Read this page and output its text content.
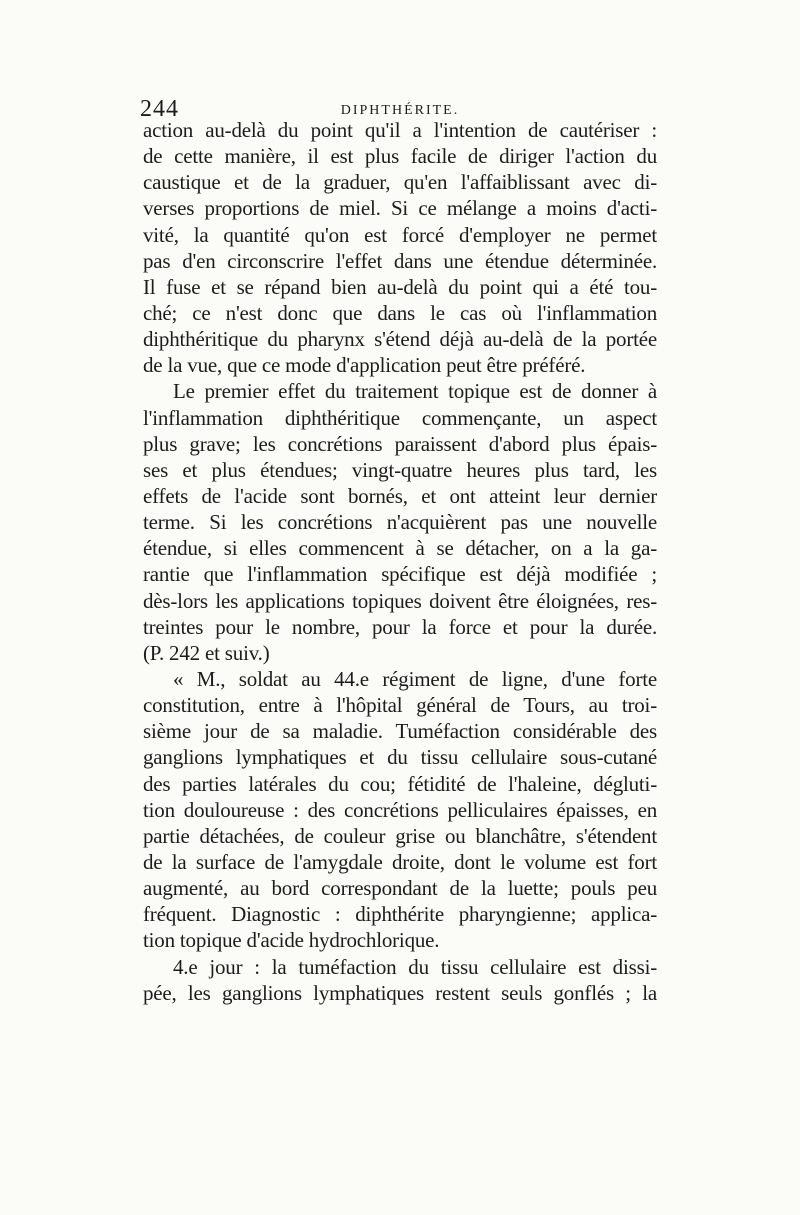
244	DIPHTHÉRITE.
action au-delà du point qu'il a l'intention de cautériser :
de cette manière, il est plus facile de diriger l'action du
caustique et de la graduer, qu'en l'affaiblissant avec di-
verses proportions de miel. Si ce mélange a moins d'acti-
vité, la quantité qu'on est forcé d'employer ne permet
pas d'en circonscrire l'effet dans une étendue déterminée.
Il fuse et se répand bien au-delà du point qui a été tou-
ché; ce n'est donc que dans le cas où l'inflammation
diphthéritique du pharynx s'étend déjà au-delà de la portée
de la vue, que ce mode d'application peut être préféré.
Le premier effet du traitement topique est de donner à
l'inflammation diphthéritique commençante, un aspect
plus grave; les concrétions paraissent d'abord plus épais-
ses et plus étendues; vingt-quatre heures plus tard, les
effets de l'acide sont bornés, et ont atteint leur dernier
terme. Si les concrétions n'acquièrent pas une nouvelle
étendue, si elles commencent à se détacher, on a la ga-
rantie que l'inflammation spécifique est déjà modifiée ;
dès-lors les applications topiques doivent être éloignées, res-
treintes pour le nombre, pour la force et pour la durée.
(P. 242 et suiv.)
« M., soldat au 44.e régiment de ligne, d'une forte
constitution, entre à l'hôpital général de Tours, au troi-
sième jour de sa maladie. Tuméfaction considérable des
ganglions lymphatiques et du tissu cellulaire sous-cutané
des parties latérales du cou; fétidité de l'haleine, dégluti-
tion douloureuse : des concrétions pelliculaires épaisses, en
partie détachées, de couleur grise ou blanchâtre, s'étendent
de la surface de l'amygdale droite, dont le volume est fort
augmenté, au bord correspondant de la luette; pouls peu
fréquent. Diagnostic : diphthérite pharyngienne; applica-
tion topique d'acide hydrochlorique.
4.e jour : la tuméfaction du tissu cellulaire est dissi-
pée, les ganglions lymphatiques restent seuls gonflés ; la
